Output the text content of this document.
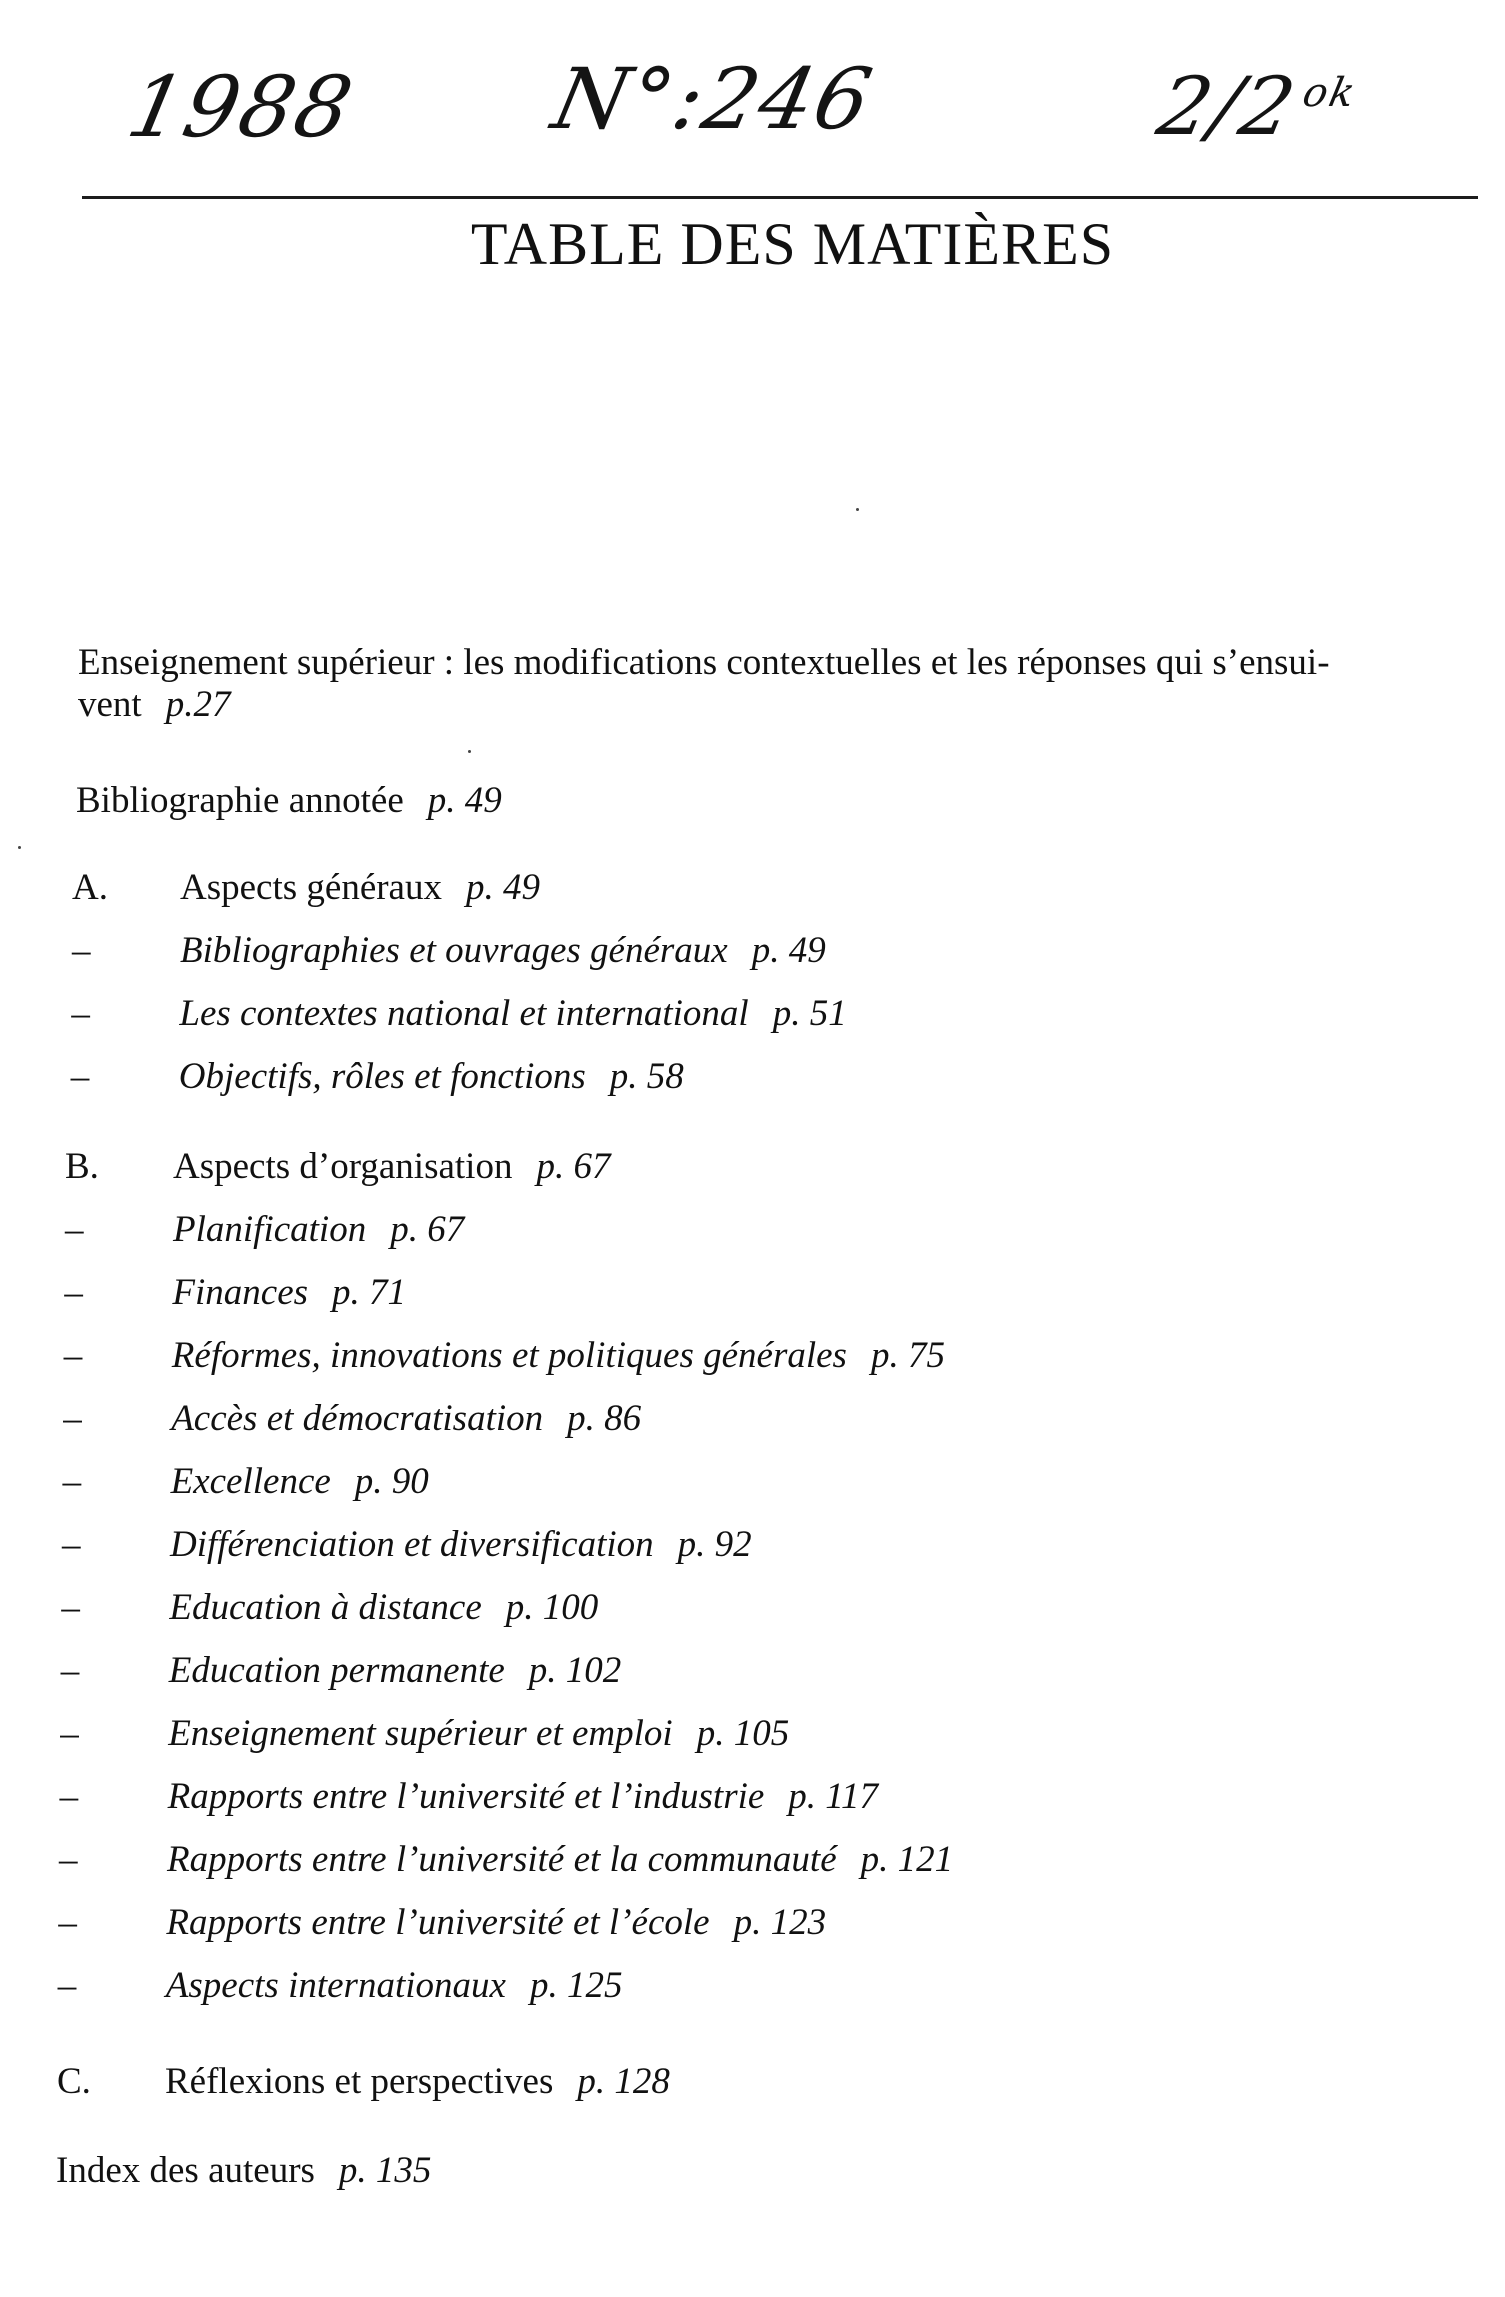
1988 N°:246	$2/2^{ok}$
TABLE DES MATIÈRES
Enseignement supérieur : les modifications contextuelles et les réponses qui s’ensui-
vent p.27
Bibliographie annotée p. 49
A.	Aspects généraux p. 49
–	Bibliographies et ouvrages généraux p. 49
–	Les contextes national et international p. 51
–	Objectifs, rôles et fonctions p. 58
B.	Aspects d’organisation p. 67
–	Planification p. 67
–	Finances p. 71
–	Réformes, innovations et politiques générales p. 75
–	Accès et démocratisation p. 86
–	Excellence p. 90
–	Différenciation et diversification p. 92
–	Education à distance p. 100
–	Education permanente p. 102
–	Enseignement supérieur et emploi p. 105
–	Rapports entre l’université et l’industrie p. 117
–	Rapports entre l’université et la communauté p. 121
–	Rapports entre l’université et l’école p. 123
–	Aspects internationaux p. 125
C.	Réflexions et perspectives p. 128
Index des auteurs p. 135
